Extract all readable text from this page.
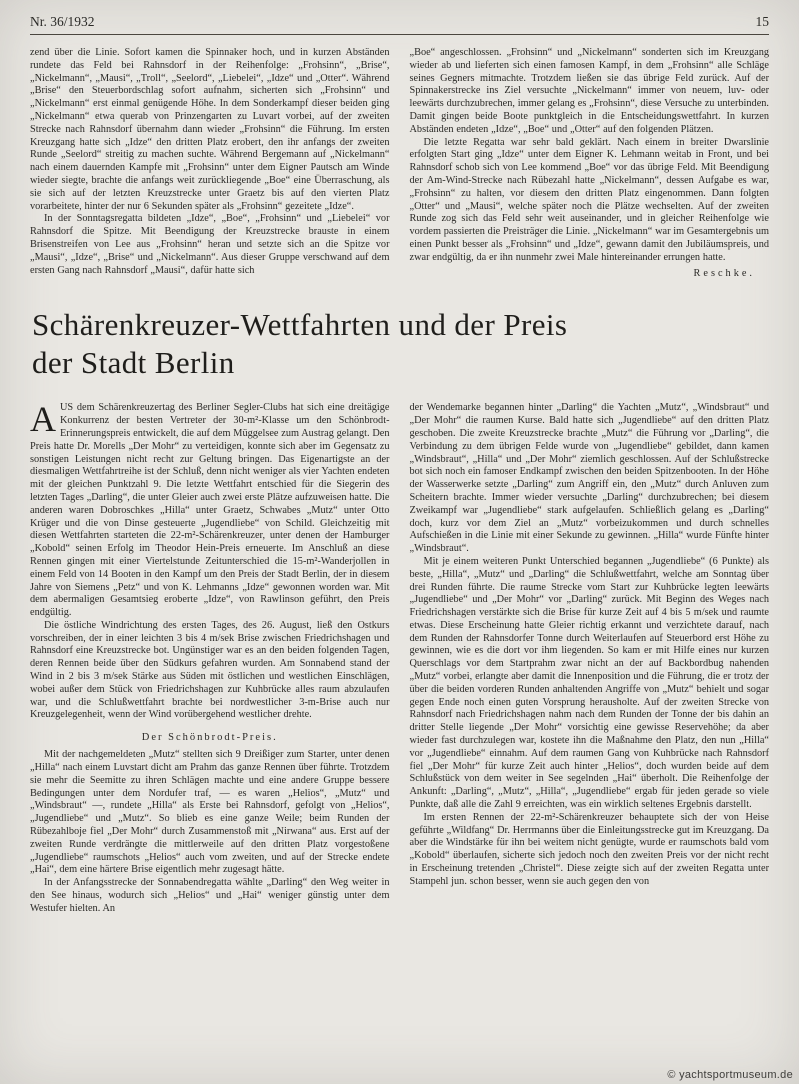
Nr. 36/1932	15

zend über die Linie. Sofort kamen die Spinnaker hoch, und in kurzen Abständen rundete das Feld bei Rahnsdorf in der Reihenfolge: „Frohsinn“, „Brise“, „Nickelmann“, „Mausi“, „Troll“, „Seelord“, „Liebelei“, „Idze“ und „Otter“. Während „Brise“ den Steuerbordschlag sofort aufnahm, sicherten sich „Frohsinn“ und „Nickelmann“ erst einmal genügende Höhe. In dem Sonderkampf dieser beiden ging „Nickelmann“ etwa querab von Prinzengarten zu Luvart vorbei, auf der zweiten Strecke nach Rahnsdorf übernahm dann wieder „Frohsinn“ die Führung. Im ersten Kreuzgang hatte sich „Idze“ den dritten Platz erobert, den ihr anfangs der zweiten Runde „Seelord“ streitig zu machen suchte. Während Bergemann auf „Nickelmann“ nach einem dauernden Kampfe mit „Frohsinn“ unter dem Eigner Pautsch am Winde wieder siegte, brachte die anfangs weit zurückliegende „Boe“ eine Überraschung, als sie sich auf der letzten Kreuzstrecke unter Graetz bis auf den vierten Platz vorarbeitete, hinter der nur 6 Sekunden später als „Frohsinn“ gezeitete „Idze“.

In der Sonntagsregatta bildeten „Idze“, „Boe“, „Frohsinn“ und „Liebelei“ vor Rahnsdorf die Spitze. Mit Beendigung der Kreuzstrecke brauste in einem Brisenstreifen von Lee aus „Frohsinn“ heran und setzte sich an die Spitze vor „Mausi“, „Idze“, „Brise“ und „Nickelmann“. Aus dieser Gruppe verschwand auf dem ersten Gang nach Rahnsdorf „Mausi“, dafür hatte sich

„Boe“ angeschlossen. „Frohsinn“ und „Nickelmann“ sonderten sich im Kreuzgang wieder ab und lieferten sich einen famosen Kampf, in dem „Frohsinn“ alle Schläge seines Gegners mitmachte. Trotzdem ließen sie das übrige Feld zurück. Auf der Spinnakerstrecke ins Ziel versuchte „Nickelmann“ immer von neuem, luv- oder leewärts durchzubrechen, immer gelang es „Frohsinn“, diese Versuche zu unterbinden. Damit gingen beide Boote punktgleich in die Entscheidungswettfahrt. In kurzen Abständen endeten „Idze“, „Boe“ und „Otter“ auf den folgenden Plätzen.

Die letzte Regatta war sehr bald geklärt. Nach einem in breiter Dwarslinie erfolgten Start ging „Idze“ unter dem Eigner K. Lehmann weitab in Front, und bei Rahnsdorf schob sich von Lee kommend „Boe“ vor das übrige Feld. Mit Beendigung der Am-Wind-Strecke nach Rübezahl hatte „Nickelmann“, dessen Aufgabe es war, „Frohsinn“ zu halten, vor diesem den dritten Platz eingenommen. Dann folgten „Otter“ und „Mausi“, welche später noch die Plätze wechselten. Auf der zweiten Runde zog sich das Feld sehr weit auseinander, und in gleicher Reihenfolge wie vordem passierten die Preisträger die Linie. „Nickelmann“ war im Gesamtergebnis um einen Punkt besser als „Frohsinn“ und „Idze“, gewann damit den Jubiläumspreis, und zwar endgültig, da er ihn nunmehr zwei Male hintereinander errungen hatte.

Reschke.

Schärenkreuzer-Wettfahrten und der Preis
der Stadt Berlin

AUS dem Schärenkreuzertag des Berliner Segler-Clubs hat sich eine dreitägige Konkurrenz der besten Vertreter der 30-m²-Klasse um den Schönbrodt-Erinnerungspreis entwickelt, die auf dem Müggelsee zum Austrag gelangt. Den Preis hatte Dr. Morells „Der Mohr“ zu verteidigen, konnte sich aber im Gegensatz zu sonstigen Leistungen nicht recht zur Geltung bringen. Das Eigenartigste an der diesmaligen Wettfahrtreihe ist der Schluß, denn nicht weniger als vier Yachten endeten mit der gleichen Punktzahl 9. Die letzte Wettfahrt entschied für die Siegerin des letzten Tages „Darling“, die unter Gleier auch zwei erste Plätze aufzuweisen hatte. Die anderen waren Dobroschkes „Hilla“ unter Graetz, Schwabes „Mutz“ unter Otto Krüger und die von Dinse gesteuerte „Jugendliebe“ von Schild. Gleichzeitig mit diesen Wettfahrten starteten die 22-m²-Schärenkreuzer, unter denen der Hamburger „Kobold“ seinen Erfolg im Theodor Hein-Preis erneuerte. Im Anschluß an diese Rennen gingen mit einer Viertelstunde Zeitunterschied die 15-m²-Wanderjollen in einem Feld von 14 Booten in den Kampf um den Preis der Stadt Berlin, der in diesem Jahre von Siemens „Petz“ und von K. Lehmanns „Idze“ gewonnen worden war. Mit dem abermaligen Gesamtsieg eroberte „Idze“, von Rawlinson geführt, den Preis endgültig.

Die östliche Windrichtung des ersten Tages, des 26. August, ließ den Ostkurs vorschreiben, der in einer leichten 3 bis 4 m/sek Brise zwischen Friedrichshagen und Rahnsdorf eine Kreuzstrecke bot. Ungünstiger war es an den beiden folgenden Tagen, deren Rennen beide über den Südkurs gefahren wurden. Am Sonnabend stand der Wind in 2 bis 3 m/sek Stärke aus Süden mit östlichen und westlichen Einschlägen, wobei außer dem Stück von Friedrichshagen zur Kuhbrücke alles raum abzulaufen war, und die Schlußwettfahrt brachte bei nordwestlicher 3-m-Brise auch nur Kreuzgelegenheit, wenn der Wind vorübergehend westlicher drehte.

Der Schönbrodt-Preis.

Mit der nachgemeldeten „Mutz“ stellten sich 9 Dreißiger zum Starter, unter denen „Hilla“ nach einem Luvstart dicht am Prahm das ganze Rennen über führte. Trotzdem sie mehr die Seemitte zu ihren Schlägen machte und eine andere Gruppe bessere Bedingungen unter dem Nordufer traf, — es waren „Helios“, „Mutz“ und „Windsbraut“ —, rundete „Hilla“ als Erste bei Rahnsdorf, gefolgt von „Helios“, „Jugendliebe“ und „Mutz“. So blieb es eine ganze Weile; beim Runden der Rübezahlboje fiel „Der Mohr“ durch Zusammenstoß mit „Nirwana“ aus. Erst auf der zweiten Runde verdrängte die mittlerweile auf den dritten Platz vorgestoßene „Jugendliebe“ raumschots „Helios“ auch vom zweiten, und auf der Strecke endete „Hai“, dem eine härtere Brise eigentlich mehr zugesagt hätte.

In der Anfangsstrecke der Sonnabendregatta wählte „Darling“ den Weg weiter in den See hinaus, wodurch sich „Helios“ und „Hai“ weniger günstig unter dem Westufer hielten. An

der Wendemarke begannen hinter „Darling“ die Yachten „Mutz“, „Windsbraut“ und „Der Mohr“ die raumen Kurse. Bald hatte sich „Jugendliebe“ auf den dritten Platz geschoben. Die zweite Kreuzstrecke brachte „Mutz“ die Führung vor „Darling“, die Verbindung zu dem übrigen Felde wurde von „Jugendliebe“ gebildet, dann kamen „Windsbraut“, „Hilla“ und „Der Mohr“ ziemlich geschlossen. Auf der Schlußstrecke bot sich noch ein famoser Endkampf zwischen den beiden Spitzenbooten. In der Höhe der Wasserwerke setzte „Darling“ zum Angriff ein, den „Mutz“ durch Anluven zum Scheitern brachte. Immer wieder versuchte „Darling“ durchzubrechen; bei diesem Zweikampf war „Jugendliebe“ stark aufgelaufen. Schließlich gelang es „Darling“ doch, kurz vor dem Ziel an „Mutz“ vorbeizukommen und durch schnelles Aufschießen in die Linie mit einer Sekunde zu gewinnen. „Hilla“ wurde Fünfte hinter „Windsbraut“.

Mit je einem weiteren Punkt Unterschied begannen „Jugendliebe“ (6 Punkte) als beste, „Hilla“, „Mutz“ und „Darling“ die Schlußwettfahrt, welche am Sonntag über drei Runden führte. Die raume Strecke vom Start zur Kuhbrücke legten leewärts „Jugendliebe“ und „Der Mohr“ vor „Darling“ zurück. Mit Beginn des Weges nach Friedrichshagen verstärkte sich die Brise für kurze Zeit auf 4 bis 5 m/sek und raumte etwas. Diese Erscheinung hatte Gleier richtig erkannt und verzichtete darauf, nach dem Runden der Rahnsdorfer Tonne durch Weiterlaufen auf Steuerbord erst Höhe zu gewinnen, wie es die dort vor ihm liegenden. So kam er mit Hilfe eines nur kurzen Querschlags vor dem Startprahm zwar nicht an der auf Backbordbug nahenden „Mutz“ vorbei, erlangte aber damit die Innenposition und die Führung, die er trotz der über die beiden vorderen Runden anhaltenden Angriffe von „Mutz“ behielt und sogar gegen Ende noch einen guten Vorsprung herausholte. Auf der zweiten Strecke von Rahnsdorf nach Friedrichshagen nahm nach dem Runden der Tonne der bis dahin an dritter Stelle liegende „Der Mohr“ vorsichtig eine gewisse Reservehöhe; da aber wieder fast durchzulegen war, kostete ihn die Maßnahme den Platz, den nun „Hilla“ vor „Jugendliebe“ einnahm. Auf dem raumen Gang von Kuhbrücke nach Rahnsdorf fiel „Der Mohr“ für kurze Zeit auch hinter „Helios“, doch wurden beide auf dem Schlußstück von dem weiter in See segelnden „Hai“ überholt. Die Reihenfolge der Ankunft: „Darling“, „Mutz“, „Hilla“, „Jugendliebe“ ergab für jeden gerade so viele Punkte, daß alle die Zahl 9 erreichten, was ein wirklich seltenes Ergebnis darstellt.

Im ersten Rennen der 22-m²-Schärenkreuzer behauptete sich der von Heise geführte „Wildfang“ Dr. Herrmanns über die Einleitungsstrecke gut im Kreuzgang. Da aber die Windstärke für ihn bei weitem nicht genügte, wurde er raumschots bald vom „Kobold“ überlaufen, sicherte sich jedoch noch den zweiten Preis vor der nicht recht in Erscheinung tretenden „Christel“. Diese zeigte sich auf der zweiten Regatta unter Stampehl jun. schon besser, wenn sie auch gegen den von

© yachtsportmuseum.de
